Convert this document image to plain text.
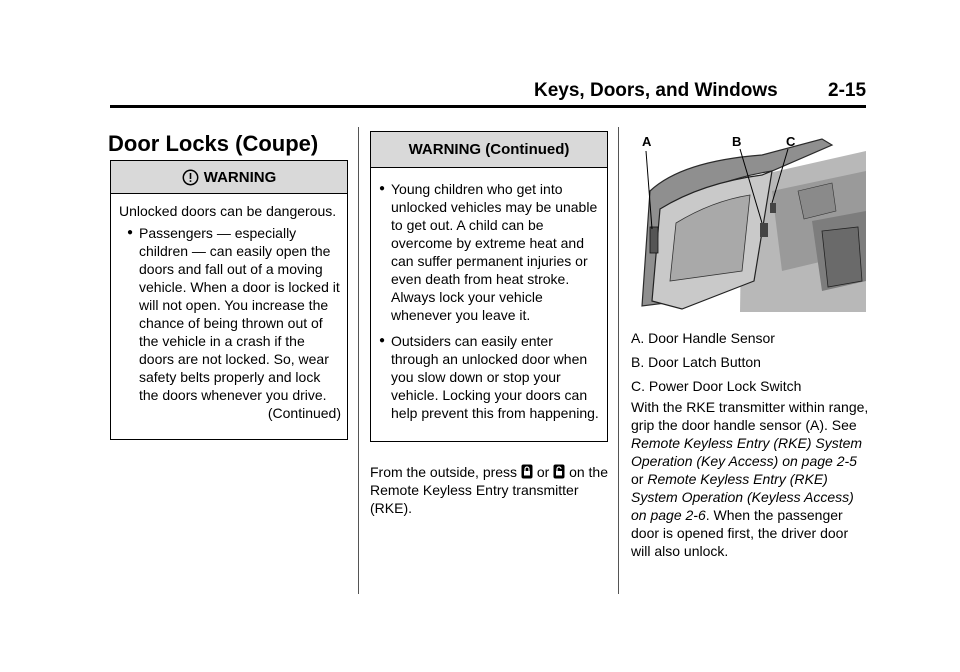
Keys, Doors, and Windows	2-15
Door Locks (Coupe)
WARNING

Unlocked doors can be dangerous.

● Passengers — especially children — can easily open the doors and fall out of a moving vehicle. When a door is locked it will not open. You increase the chance of being thrown out of the vehicle in a crash if the doors are not locked. So, wear safety belts properly and lock the doors whenever you drive.
(Continued)
WARNING (Continued)
● Young children who get into unlocked vehicles may be unable to get out. A child can be overcome by extreme heat and can suffer permanent injuries or even death from heat stroke. Always lock your vehicle whenever you leave it.
● Outsiders can easily enter through an unlocked door when you slow down or stop your vehicle. Locking your doors can help prevent this from happening.
From the outside, press  or  on the Remote Keyless Entry transmitter (RKE).
A	B	C

A. Door Handle Sensor

B. Door Latch Button

C. Power Door Lock Switch

With the RKE transmitter within range, grip the door handle sensor (A). See Remote Keyless Entry (RKE) System Operation (Key Access) on page 2-5 or Remote Keyless Entry (RKE) System Operation (Keyless Access) on page 2-6. When the passenger door is opened first, the driver door will also unlock.
